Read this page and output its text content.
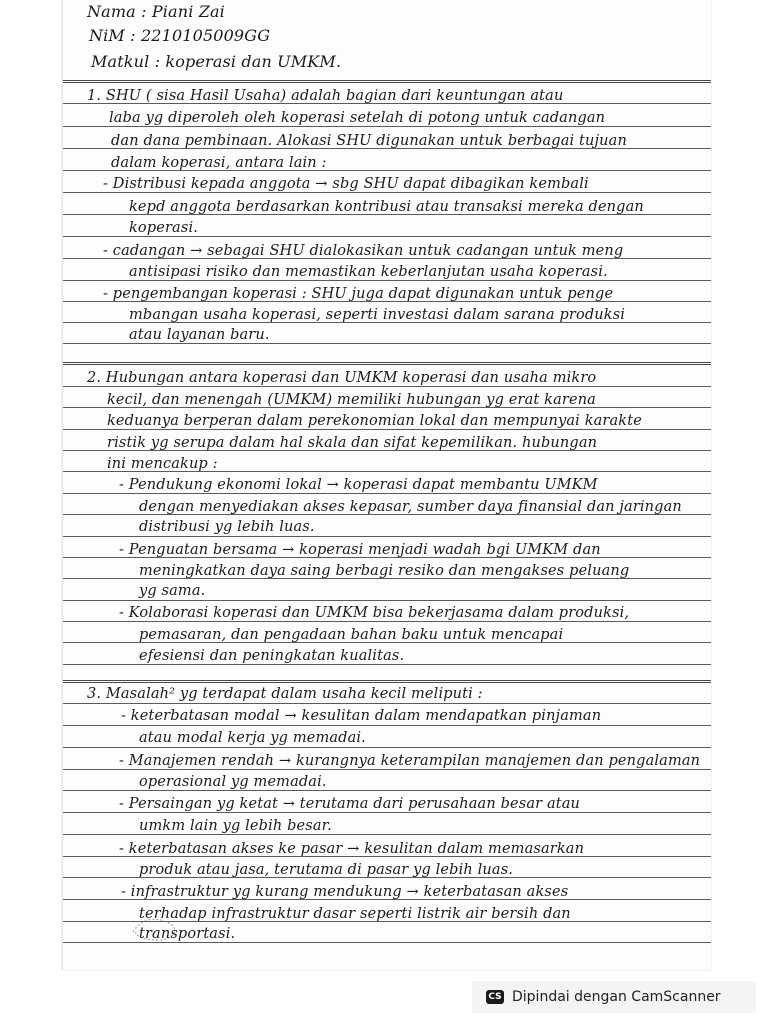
Nama : Piani Zai
NiM : 2210105009GG
Matkul : koperasi dan UMKM.
1. SHU ( sisa Hasil Usaha) adalah bagian dari keuntungan atau
laba yg diperoleh oleh koperasi setelah di potong untuk cadangan
dan dana pembinaan. Alokasi SHU digunakan untuk berbagai tujuan
dalam koperasi, antara lain :
- Distribusi kepada anggota → sbg SHU dapat dibagikan kembali
kepd anggota berdasarkan kontribusi atau transaksi mereka dengan
koperasi.
- cadangan → sebagai SHU dialokasikan untuk cadangan untuk meng
antisipasi risiko dan memastikan keberlanjutan usaha koperasi.
- pengembangan koperasi : SHU juga dapat digunakan untuk penge
mbangan usaha koperasi, seperti investasi dalam sarana produksi
atau layanan baru.
2. Hubungan antara koperasi dan UMKM koperasi dan usaha mikro
kecil, dan menengah (UMKM) memiliki hubungan yg erat karena
keduanya berperan dalam perekonomian lokal dan mempunyai karakte
ristik yg serupa dalam hal skala dan sifat kepemilikan. hubungan
ini mencakup :
- Pendukung ekonomi lokal → koperasi dapat membantu UMKM
dengan menyediakan akses kepasar, sumber daya finansial dan jaringan
distribusi yg lebih luas.
- Penguatan bersama → koperasi menjadi wadah bgi UMKM dan
meningkatkan daya saing berbagi resiko dan mengakses peluang
yg sama.
- Kolaborasi koperasi dan UMKM bisa bekerjasama dalam produksi,
pemasaran, dan pengadaan bahan baku untuk mencapai
efesiensi dan peningkatan kualitas.
3. Masalah² yg terdapat dalam usaha kecil meliputi :
- keterbatasan modal → kesulitan dalam mendapatkan pinjaman
atau modal kerja yg memadai.
- Manajemen rendah → kurangnya keterampilan manajemen dan pengalaman
operasional yg memadai.
- Persaingan yg ketat → terutama dari perusahaan besar atau
umkm lain yg lebih besar.
- keterbatasan akses ke pasar → kesulitan dalam memasarkan
produk atau jasa, terutama di pasar yg lebih luas.
- infrastruktur yg kurang mendukung → keterbatasan akses
terhadap infrastruktur dasar seperti listrik air bersih dan
transportasi.
CS Dipindai dengan CamScanner
